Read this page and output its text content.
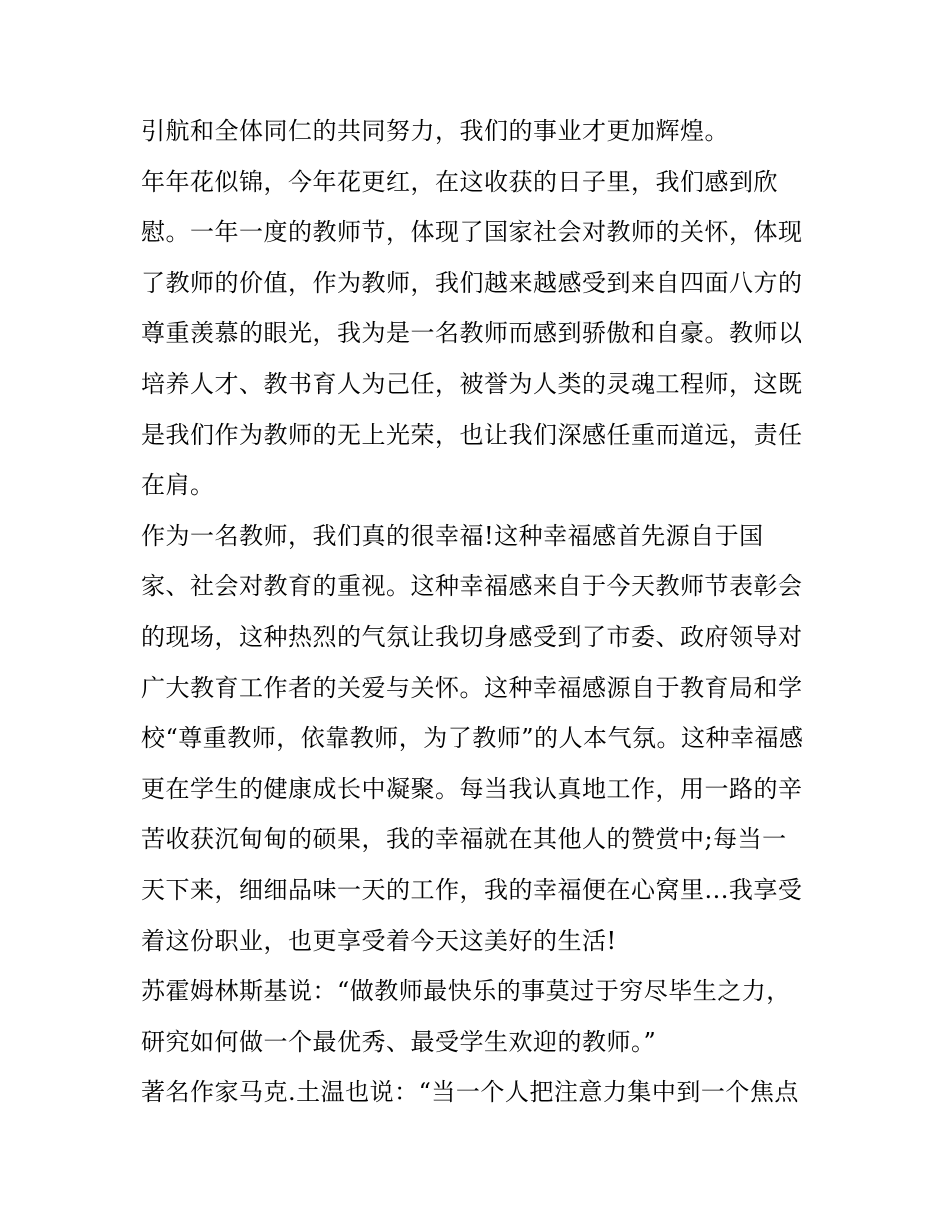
引航和全体同仁的共同努力，我们的事业才更加辉煌。
年年花似锦，今年花更红，在这收获的日子里，我们感到欣
慰。一年一度的教师节，体现了国家社会对教师的关怀，体现
了教师的价值，作为教师，我们越来越感受到来自四面八方的
尊重羡慕的眼光，我为是一名教师而感到骄傲和自豪。教师以
培养人才、教书育人为己任，被誉为人类的灵魂工程师，这既
是我们作为教师的无上光荣，也让我们深感任重而道远，责任
在肩。
作为一名教师，我们真的很幸福!这种幸福感首先源自于国
家、社会对教育的重视。这种幸福感来自于今天教师节表彰会
的现场，这种热烈的气氛让我切身感受到了市委、政府领导对
广大教育工作者的关爱与关怀。这种幸福感源自于教育局和学
校“尊重教师，依靠教师，为了教师”的人本气氛。这种幸福感
更在学生的健康成长中凝聚。每当我认真地工作，用一路的辛
苦收获沉甸甸的硕果，我的幸福就在其他人的赞赏中;每当一
天下来，细细品味一天的工作，我的幸福便在心窝里...我享受
着这份职业，也更享受着今天这美好的生活!
苏霍姆林斯基说：“做教师最快乐的事莫过于穷尽毕生之力，
研究如何做一个最优秀、最受学生欢迎的教师。”
著名作家马克.土温也说：“当一个人把注意力集中到一个焦点
